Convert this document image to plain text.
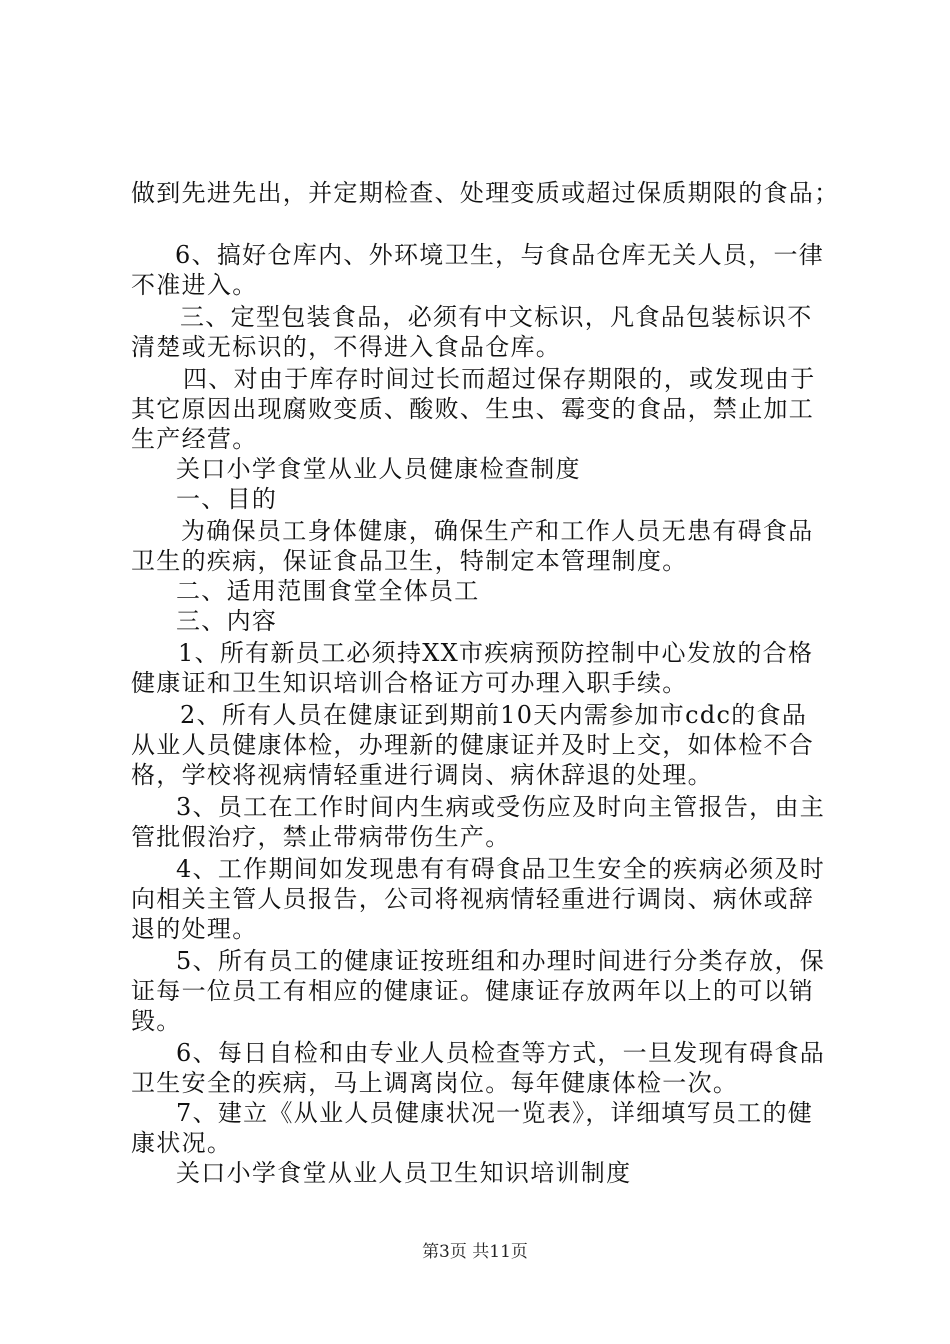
做到先进先出，并定期检查、处理变质或超过保质期限的食品；
6、搞好仓库内、外环境卫生，与食品仓库无关人员，一律
不准进入。
三、定型包装食品，必须有中文标识，凡食品包装标识不
清楚或无标识的，不得进入食品仓库。
四、对由于库存时间过长而超过保存期限的，或发现由于
其它原因出现腐败变质、酸败、生虫、霉变的食品，禁止加工
生产经营。
关口小学食堂从业人员健康检查制度
一、目的
为确保员工身体健康，确保生产和工作人员无患有碍食品
卫生的疾病，保证食品卫生，特制定本管理制度。
二、适用范围食堂全体员工
三、内容
1、所有新员工必须持XX市疾病预防控制中心发放的合格
健康证和卫生知识培训合格证方可办理入职手续。
2、所有人员在健康证到期前10天内需参加市cdc的食品
从业人员健康体检，办理新的健康证并及时上交，如体检不合
格，学校将视病情轻重进行调岗、病休辞退的处理。
3、员工在工作时间内生病或受伤应及时向主管报告，由主
管批假治疗，禁止带病带伤生产。
4、工作期间如发现患有有碍食品卫生安全的疾病必须及时
向相关主管人员报告，公司将视病情轻重进行调岗、病休或辞
退的处理。
5、所有员工的健康证按班组和办理时间进行分类存放，保
证每一位员工有相应的健康证。健康证存放两年以上的可以销
毁。
6、每日自检和由专业人员检查等方式，一旦发现有碍食品
卫生安全的疾病，马上调离岗位。每年健康体检一次。
7、建立《从业人员健康状况一览表》，详细填写员工的健
康状况。
关口小学食堂从业人员卫生知识培训制度
第3页 共11页
